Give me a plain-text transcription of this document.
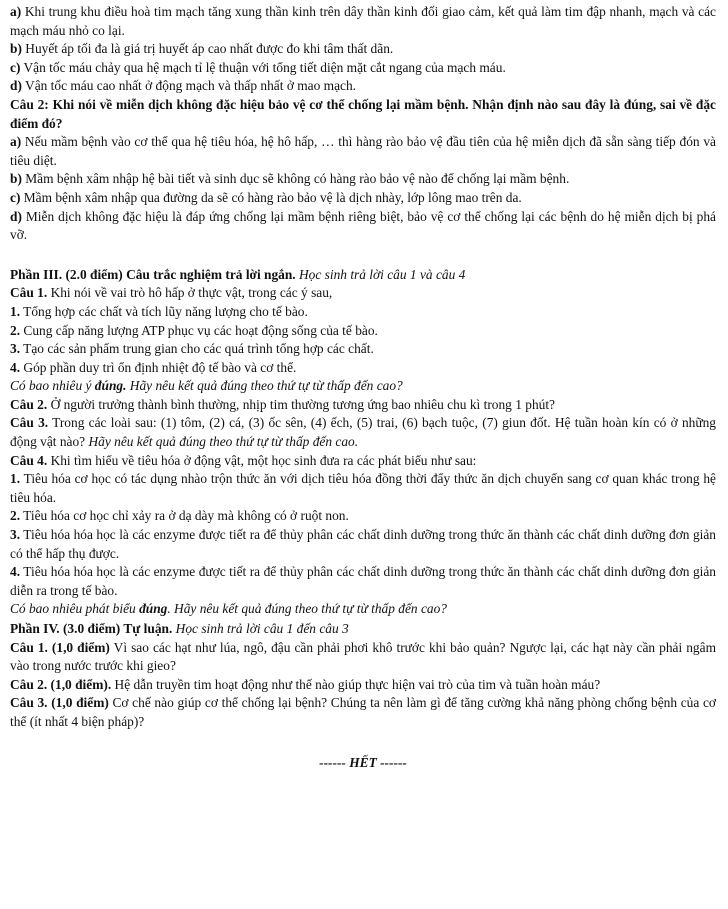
a) Khi trung khu điều hoà tim mạch tăng xung thần kinh trên dây thần kinh đối giao cảm, kết quả làm tim đập nhanh, mạch và các mạch máu nhỏ co lại.

b) Huyết áp tối đa là giá trị huyết áp cao nhất được đo khi tâm thất dãn.

c) Vận tốc máu chảy qua hệ mạch tỉ lệ thuận với tổng tiết diện mặt cắt ngang của mạch máu.

d) Vận tốc máu cao nhất ở động mạch và thấp nhất ở mao mạch.

Câu 2: Khi nói về miễn dịch không đặc hiệu bảo vệ cơ thể chống lại mầm bệnh. Nhận định nào sau đây là đúng, sai về đặc điểm đó?

a) Nếu mầm bệnh vào cơ thể qua hệ tiêu hóa, hệ hô hấp, … thì hàng rào bảo vệ đầu tiên của hệ miễn dịch đã sẵn sàng tiếp đón và tiêu diệt.

b) Mầm bệnh xâm nhập hệ bài tiết và sinh dục sẽ không có hàng rào bảo vệ nào để chống lại mầm bệnh.

c) Mầm bệnh xâm nhập qua đường da sẽ có hàng rào bảo vệ là dịch nhày, lớp lông mao trên da.

d) Miễn dịch không đặc hiệu là đáp ứng chống lại mầm bệnh riêng biệt, bảo vệ cơ thể chống lại các bệnh do hệ miễn dịch bị phá vỡ.

Phần III. (2.0 điểm) Câu trắc nghiệm trả lời ngắn. Học sinh trả lời câu 1 và câu 4

Câu 1. Khi nói về vai trò hô hấp ở thực vật, trong các ý sau,

1. Tổng hợp các chất và tích lũy năng lượng cho tế bào.

2. Cung cấp năng lượng ATP phục vụ các hoạt động sống của tế bào.

3. Tạo các sản phẩm trung gian cho các quá trình tổng hợp các chất.

4. Góp phần duy trì ổn định nhiệt độ tế bào và cơ thể.

Có bao nhiêu ý đúng. Hãy nêu kết quả đúng theo thứ tự từ thấp đến cao?

Câu 2. Ở người trưởng thành bình thường, nhịp tim thường tương ứng bao nhiêu chu kì trong 1 phút?

Câu 3. Trong các loài sau: (1) tôm, (2) cá, (3) ốc sên, (4) ếch, (5) trai, (6) bạch tuộc, (7) giun đốt. Hệ tuần hoàn kín có ở những động vật nào? Hãy nêu kết quả đúng theo thứ tự từ thấp đến cao.

Câu 4. Khi tìm hiểu về tiêu hóa ở động vật, một học sinh đưa ra các phát biểu như sau:

1. Tiêu hóa cơ học có tác dụng nhào trộn thức ăn với dịch tiêu hóa đồng thời đẩy thức ăn dịch chuyển sang cơ quan khác trong hệ tiêu hóa.

2. Tiêu hóa cơ học chỉ xảy ra ở dạ dày mà không có ở ruột non.

3. Tiêu hóa hóa học là các enzyme được tiết ra để thủy phân các chất dinh dưỡng trong thức ăn thành các chất dinh dưỡng đơn giản có thể hấp thụ được.

4. Tiêu hóa hóa học là các enzyme được tiết ra để thủy phân các chất dinh dưỡng trong thức ăn thành các chất dinh dưỡng đơn giản diễn ra trong tế bào.

Có bao nhiêu phát biểu đúng. Hãy nêu kết quả đúng theo thứ tự từ thấp đến cao?

Phần IV. (3.0 điểm) Tự luận. Học sinh trả lời câu 1 đến câu 3

Câu 1. (1,0 điểm) Vì sao các hạt như lúa, ngô, đậu cần phải phơi khô trước khi bảo quản? Ngược lại, các hạt này cần phải ngâm vào trong nước trước khi gieo?

Câu 2. (1,0 điểm). Hệ dẫn truyền tim hoạt động như thế nào giúp thực hiện vai trò của tim và tuần hoàn máu?

Câu 3. (1,0 điểm) Cơ chế nào giúp cơ thể chống lại bệnh? Chúng ta nên làm gì để tăng cường khả năng phòng chống bệnh của cơ thể (ít nhất 4 biện pháp)?

------ HẾT ------
